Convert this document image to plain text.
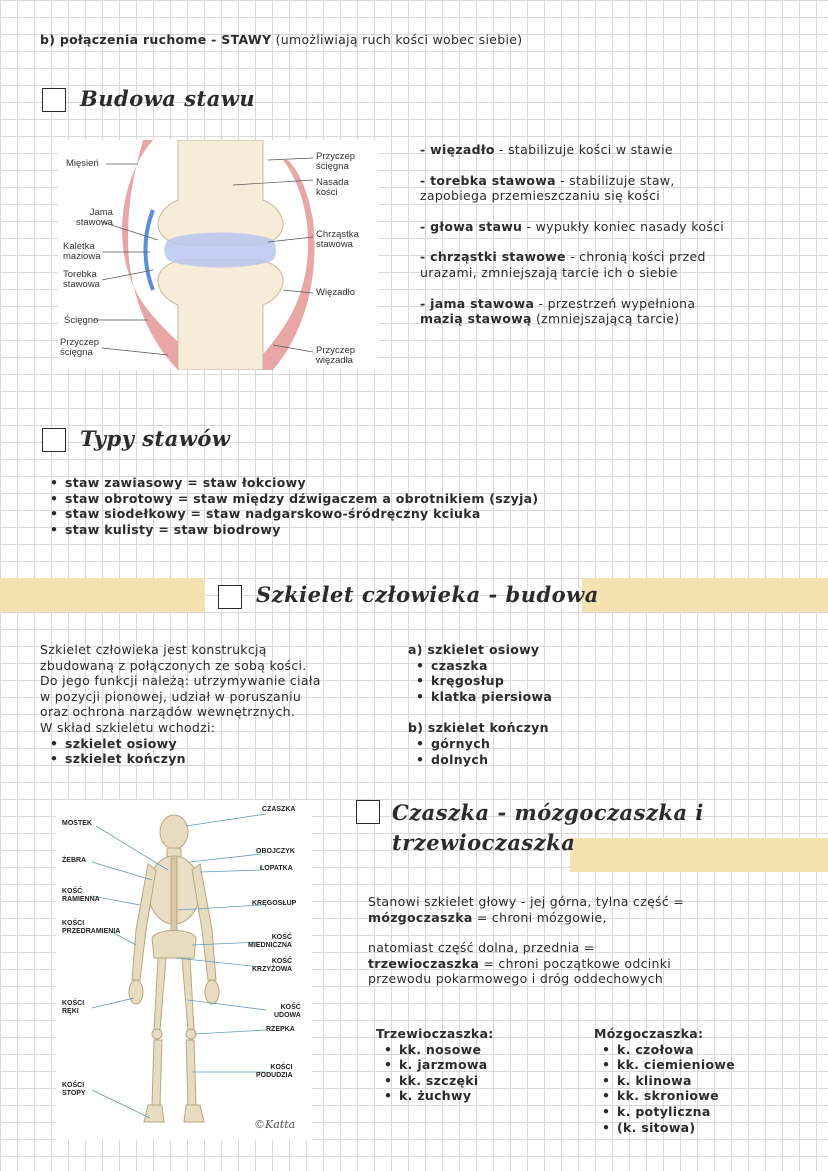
b) połączenia ruchome - STAWY (umożliwiają ruch kości wobec siebie)
Budowa stawu
Mięsień
Jama
stawowa
Kaletka
maziowa
Torebka
stawowa
Ścięgno
Przyczep
ścięgna
Przyczep
ścięgna
Nasada
kości
Chrząstka
stawowa
Więzadło
Przyczep
więzadła
- więzadło - stabilizuje kości w stawie
- torebka stawowa - stabilizuje staw,
zapobiega przemieszczaniu się kości
- głowa stawu - wypukły koniec nasady kości
- chrząstki stawowe - chronią kości przed
urazami, zmniejszają tarcie ich o siebie
- jama stawowa - przestrzeń wypełniona
mazią stawową (zmniejszającą tarcie)
Typy stawów
• staw zawiasowy = staw łokciowy
• staw obrotowy = staw między dźwigaczem a obrotnikiem (szyja)
• staw siodełkowy = staw nadgarskowo-śródręczny kciuka
• staw kulisty = staw biodrowy
Szkielet człowieka - budowa
Szkielet człowieka jest konstrukcją
zbudowaną z połączonych ze sobą kości.
Do jego funkcji należą: utrzymywanie ciała
w pozycji pionowej, udział w poruszaniu
oraz ochrona narządów wewnętrznych.
W skład szkieletu wchodzi:
• szkielet osiowy
• szkielet kończyn
a) szkielet osiowy
• czaszka
• kręgosłup
• klatka piersiowa
b) szkielet kończyn
• górnych
• dolnych
MOSTEK
ŻEBRA
KOŚĆ
RAMIENNA
KOŚCI
PRZEDRAMIENIA
KOŚCI
RĘKI
KOŚCI
STOPY
CZASZKA
OBOJCZYK
ŁOPATKA
KRĘGOSŁUP
KOŚĆ
MIEDNICZNA
KOŚĆ
KRZYŻOWA
KOŚĆ
UDOWA
RZEPKA
KOŚCI
PODUDZIA
©Katta
Czaszka - mózgoczaszka i
trzewioczaszka
Stanowi szkielet głowy - jej górna, tylna część =
mózgoczaszka = chroni mózgowie,
natomiast część dolna, przednia =
trzewioczaszka = chroni początkowe odcinki
przewodu pokarmowego i dróg oddechowych
Trzewioczaszka:
• kk. nosowe
• k. jarzmowa
• kk. szczęki
• k. żuchwy
Mózgoczaszka:
• k. czołowa
• kk. ciemieniowe
• k. klinowa
• kk. skroniowe
• k. potyliczna
• (k. sitowa)
